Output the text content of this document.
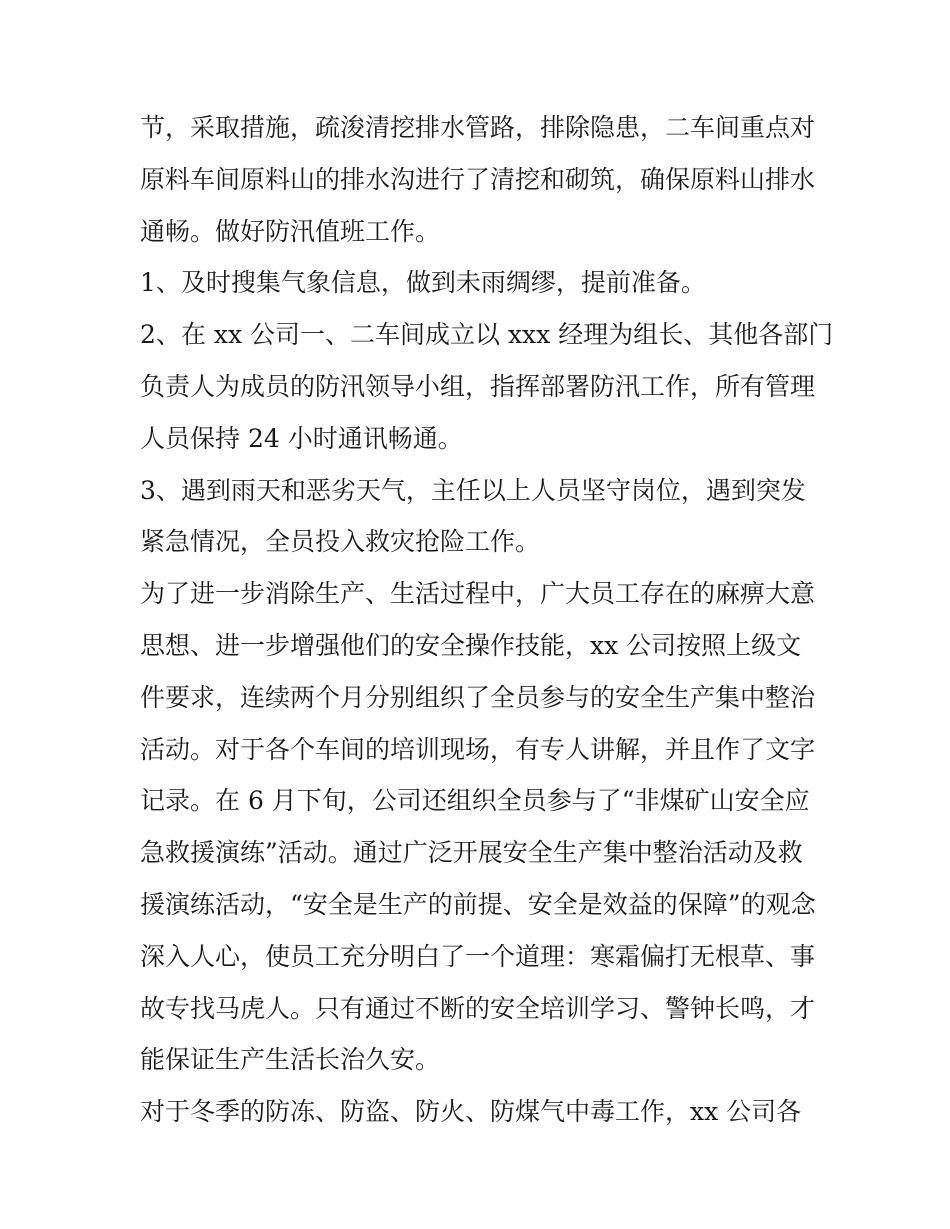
节，采取措施，疏浚清挖排水管路，排除隐患，二车间重点对
原料车间原料山的排水沟进行了清挖和砌筑，确保原料山排水
通畅。做好防汛值班工作。
1、及时搜集气象信息，做到未雨绸缪，提前准备。
2、在 xx 公司一、二车间成立以 xxx 经理为组长、其他各部门
负责人为成员的防汛领导小组，指挥部署防汛工作，所有管理
人员保持 24 小时通讯畅通。
3、遇到雨天和恶劣天气，主任以上人员坚守岗位，遇到突发
紧急情况，全员投入救灾抢险工作。
为了进一步消除生产、生活过程中，广大员工存在的麻痹大意
思想、进一步增强他们的安全操作技能，xx 公司按照上级文
件要求，连续两个月分别组织了全员参与的安全生产集中整治
活动。对于各个车间的培训现场，有专人讲解，并且作了文字
记录。在 6 月下旬，公司还组织全员参与了“非煤矿山安全应
急救援演练”活动。通过广泛开展安全生产集中整治活动及救
援演练活动，“安全是生产的前提、安全是效益的保障”的观念
深入人心，使员工充分明白了一个道理：寒霜偏打无根草、事
故专找马虎人。只有通过不断的安全培训学习、警钟长鸣，才
能保证生产生活长治久安。
对于冬季的防冻、防盗、防火、防煤气中毒工作，xx 公司各
